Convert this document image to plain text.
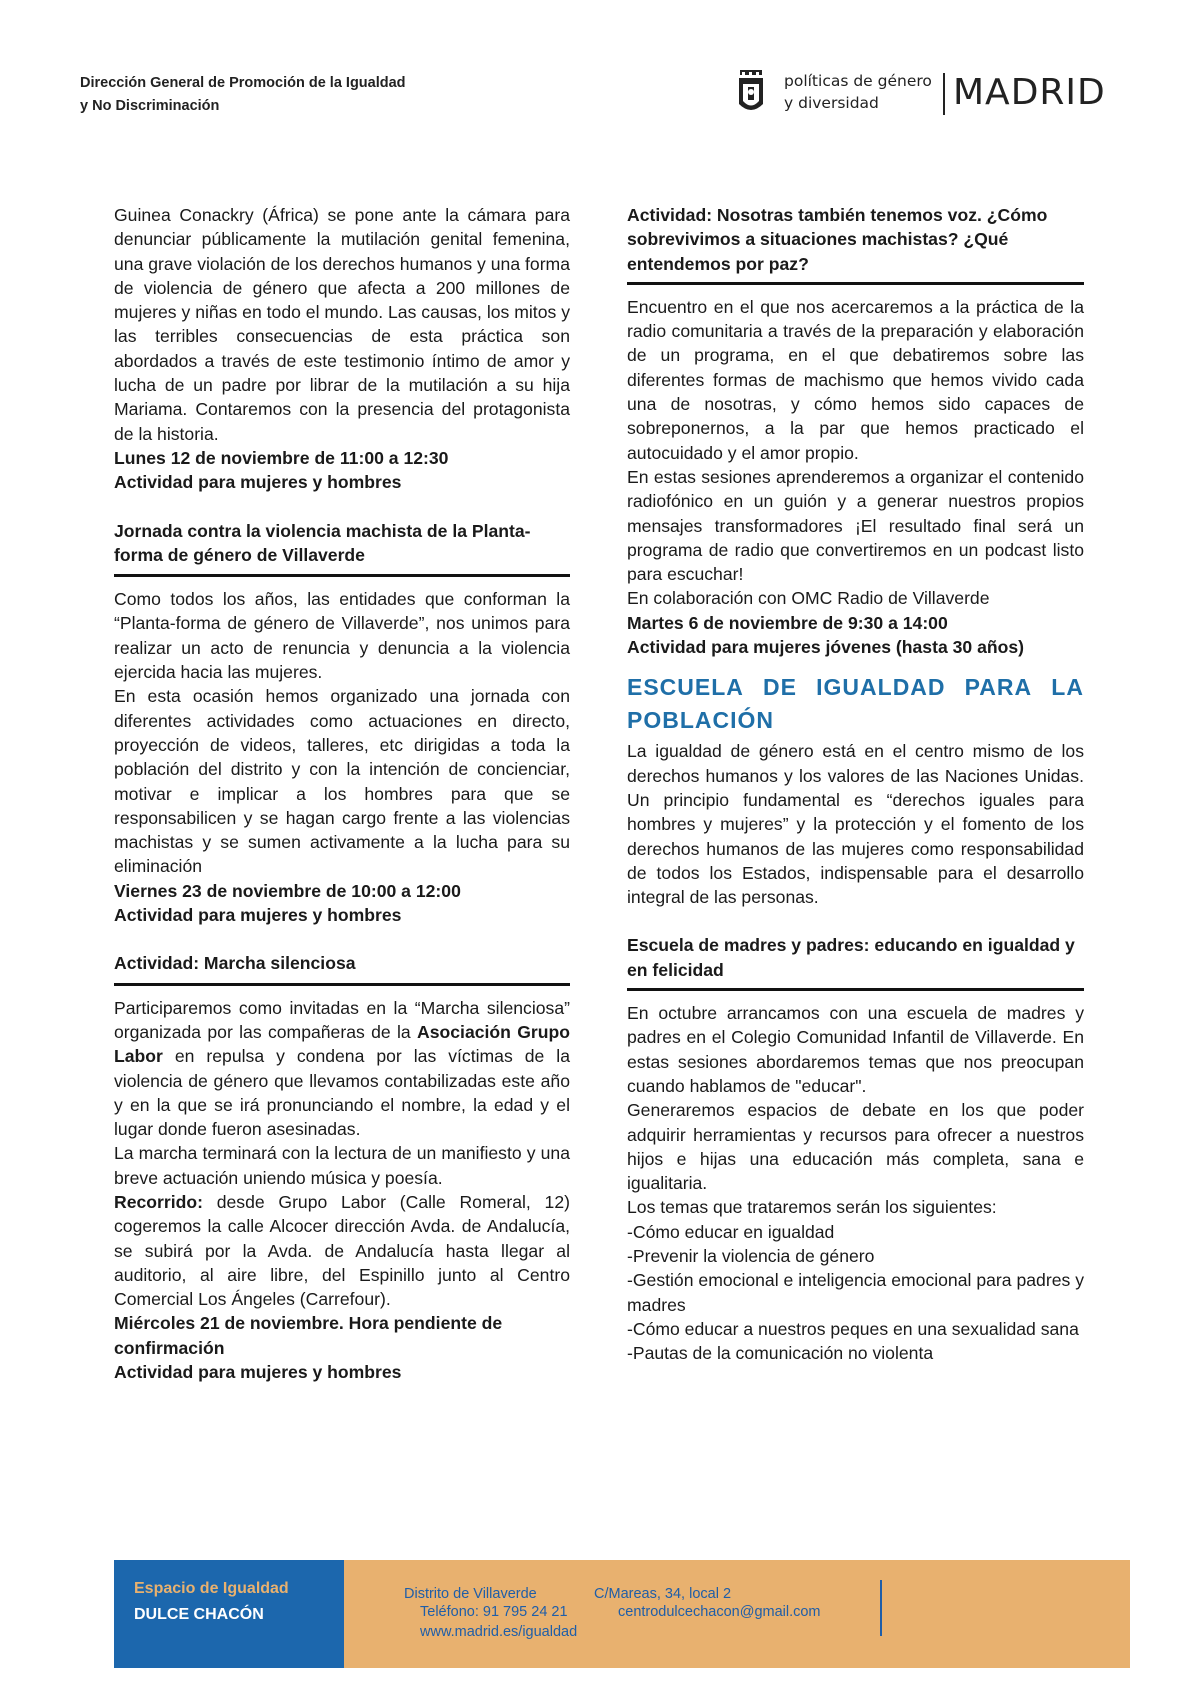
Dirección General de Promoción de la Igualdad
y No Discriminación
políticas de género
y diversidad	MADRID

Guinea Conackry (África) se pone ante la cámara para denunciar públicamente la mutilación genital femenina, una grave violación de los derechos humanos y una forma de violencia de género que afecta a 200 millones de mujeres y niñas en todo el mundo. Las causas, los mitos y las terribles consecuencias de esta práctica son abordados a través de este testimonio íntimo de amor y lucha de un padre por librar de la mutilación a su hija Mariama. Contaremos con la presencia del protagonista de la historia.

Lunes 12 de noviembre de 11:00 a 12:30
Actividad para mujeres y hombres
Jornada contra la violencia machista de la Planta-forma de género de Villaverde

Como todos los años, las entidades que conforman la “Planta-forma de género de Villaverde”, nos unimos para realizar un acto de renuncia y denuncia a la violencia ejercida hacia las mujeres.

En esta ocasión hemos organizado una jornada con diferentes actividades como actuaciones en directo, proyección de videos, talleres, etc dirigidas a toda la población del distrito y con la intención de concienciar, motivar e implicar a los hombres para que se responsabilicen y se hagan cargo frente a las violencias machistas y se sumen activamente a la lucha para su eliminación

Viernes 23 de noviembre de 10:00 a 12:00
Actividad para mujeres y hombres
Actividad: Marcha silenciosa

Participaremos como invitadas en la “Marcha silenciosa” organizada por las compañeras de la Asociación Grupo Labor en repulsa y condena por las víctimas de la violencia de género que llevamos contabilizadas este año y en la que se irá pronunciando el nombre, la edad y el lugar donde fueron asesinadas.

La marcha terminará con la lectura de un manifiesto y una breve actuación uniendo música y poesía.

Recorrido: desde Grupo Labor (Calle Romeral, 12) cogeremos la calle Alcocer dirección Avda. de Andalucía, se subirá por la Avda. de Andalucía hasta llegar al auditorio, al aire libre, del Espinillo junto al Centro Comercial Los Ángeles (Carrefour).

Miércoles 21 de noviembre. Hora pendiente de confirmación
Actividad para mujeres y hombres
Actividad: Nosotras también tenemos voz. ¿Cómo sobrevivimos a situaciones machistas? ¿Qué entendemos por paz?

Encuentro en el que nos acercaremos a la práctica de la radio comunitaria a través de la preparación y elaboración de un programa, en el que debatiremos sobre las diferentes formas de machismo que hemos vivido cada una de nosotras, y cómo hemos sido capaces de sobreponernos, a la par que hemos practicado el autocuidado y el amor propio.

En estas sesiones aprenderemos a organizar el contenido radiofónico en un guión y a generar nuestros propios mensajes transformadores ¡El resultado final será un programa de radio que convertiremos en un podcast listo para escuchar!

En colaboración con OMC Radio de Villaverde

Martes 6 de noviembre de 9:30 a 14:00
Actividad para mujeres jóvenes (hasta 30 años)
ESCUELA DE IGUALDAD PARA LA
POBLACIÓN

La igualdad de género está en el centro mismo de los derechos humanos y los valores de las Naciones Unidas. Un principio fundamental es “derechos iguales para hombres y mujeres” y la protección y el fomento de los derechos humanos de las mujeres como responsabilidad de todos los Estados, indispensable para el desarrollo integral de las personas.

Escuela de madres y padres: educando en igualdad y en felicidad

En octubre arrancamos con una escuela de madres y padres en el Colegio Comunidad Infantil de Villaverde. En estas sesiones abordaremos temas que nos preocupan cuando hablamos de "educar".

Generaremos espacios de debate en los que poder adquirir herramientas y recursos para ofrecer a nuestros hijos e hijas una educación más completa, sana e igualitaria.

Los temas que trataremos serán los siguientes:

-Cómo educar en igualdad

-Prevenir la violencia de género

-Gestión emocional e inteligencia emocional para padres y madres

-Cómo educar a nuestros peques en una sexualidad sana

-Pautas de la comunicación no violenta

Espacio de Igualdad
DULCE CHACÓN
Distrito de Villaverde	C/Mareas, 34, local 2
Teléfono: 91 795 24 21	centrodulcechacon@gmail.com
www.madrid.es/igualdad
